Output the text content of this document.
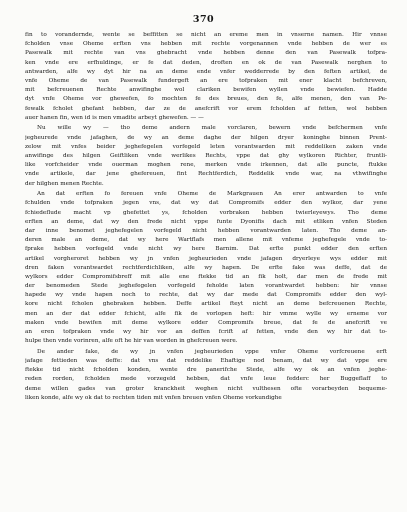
370
fin to vorandernde, wente se beffitten se nicht an ereme men in vnserne namen. Hir vnnse
fcholden vnse Oheme erften vns hebben mit rechte vorgenannen vnde hebben de wer es
Pasewalk mit rechte van vns ghebracht vnde hebben denne den van Pasewalk tofpra-
ken vnde ere erfhuldinge, er fe dat deden, droften en ok de van Pasewalk nerghen to
antwarden, alfe wy dyt hir na an deme ende vnfer wedderrede by den feften artikel, de
vnfe Oheme de van Pasewalk fundergeft an ere tofpraken mit ener klacht befchreven,
mit befcreuenen Rechte anwifinghe wol clariken bewifen wyllen vnde bewiefen. Hadde
dyt vnfe Oheme vor ghewefen, fo mochten fe des breues, den fe, alfe menen, den van Pe-
fewalk fcholet ghefant hebben, dar ze de anefcrift vor erem fcholden af fetten, wol hebben
auer hanen fin, wen id is men vmadite arbeyt ghewefen. — —
Nu wille wy — tho deme andern male vorclaren, bewern vnde befchermen vnfe
jegheurede vnde jafaghen, de wy an deme daghe der hilgen dryer koninghe binnen Prent-
zelow mit vnfes beider jeghefegelen vorfegeld leten vorantwarden mit reddeliken zaken vnde
anwifinge des hilgen Geiftliken vnde werlikes Rechts, vppe dat ghy wylkoren Richter, fruntli-
like vorfcheider vnde ouerman moghen rene, merken vnde irkennen, dat alle puncte, ftukke
vnde artikele, dar jene ghefereuen, fint Rechtferdich, Reddelik vnde war, na vthwifinghe
der hilghen menen Rechte.
An dat erften fo fereuen vnfe Oheme de Markgrauen An erer antwarden to vnfe
fchulden vnde tofpraken jegen vns, dat wy dat Compromifs edder den wylkor, dar yene
fchiedeflude macht vp ghefettet ys, fcholden vorbraken hebben twierleyewys. Tho deme
erften an deme, dat wy den frede nicht vppe funte Dyonifis dach mit etliken vnfen Steden
dar inne benomet jeghefegelen vorfegeld nicht hebben vorantwarden laten. Tho deme an-
deren male an deme, dat wy here Wartflafs men allene mit vnfeme jeghefegele vnde to-
fprake hebben vorfegeld vnde nicht wy here Barnim. Dat erfte punkt edder den erften
artikel vorgheroret hebben wy jn vnfen jegheurieden vnde jafagen dryerleye wys edder mit
dren faken vorantwardet rechtferdichliken, alfe wy hapen. De erfte fake was deffe, dat de
wylkors edder Compromifsbreff mit alle ene ftekke tid an fik holt, dar men de frede mit
der benomeden Stede jeghefegelen vorfegeld feholde laten vorantwardet hebben: hir vnnse
hapede wy vnde hapen noch to rechte, dat wy dar mede dat Compromifs edder den wyl-
kore nicht fcholen ghebraken hebben. Deffe artikel fteyt nicht an deme befcreuenen Rechte,
men an der dat edder fchicht, alfe fik de vorlopen heft: hir vmme wylle wy erneme vor
maken vnde bewifen mit deme wylkore edder Compromifs breue, dat fe de anefcrift ve
an eren tofpraken vnde wy hir vor an deffen fcrift af fetten, vnde den wy hir dat to-
hulpe then vnde vorinren, alfe oft he hir van worden in ghefcreuen were.
De ander fake, de wy jn vnfen jegheurieden vppe vnfer Oheme vorfcreuene erft
jafage fettieden was deffe: dat vns dat reddelike Ehaftige nod benam, dat wy dat vppe ere
ftekke tid nicht fcholden konden, wente dre panerifche Stede, alfe wy ok an vnfen jeghe-
reden rorden, fcholden mede vorzegeld hebben, dat vnfe leue fedderc her Buggeflaff to
deme willen gades van groter kranckheit weghen nicht vulthesen ofte vorarbeyden bequeme-
liken konde, alfe wy ok dat to rechten tiden mit vnfen breuen vnfen Oheme vorkundighe
